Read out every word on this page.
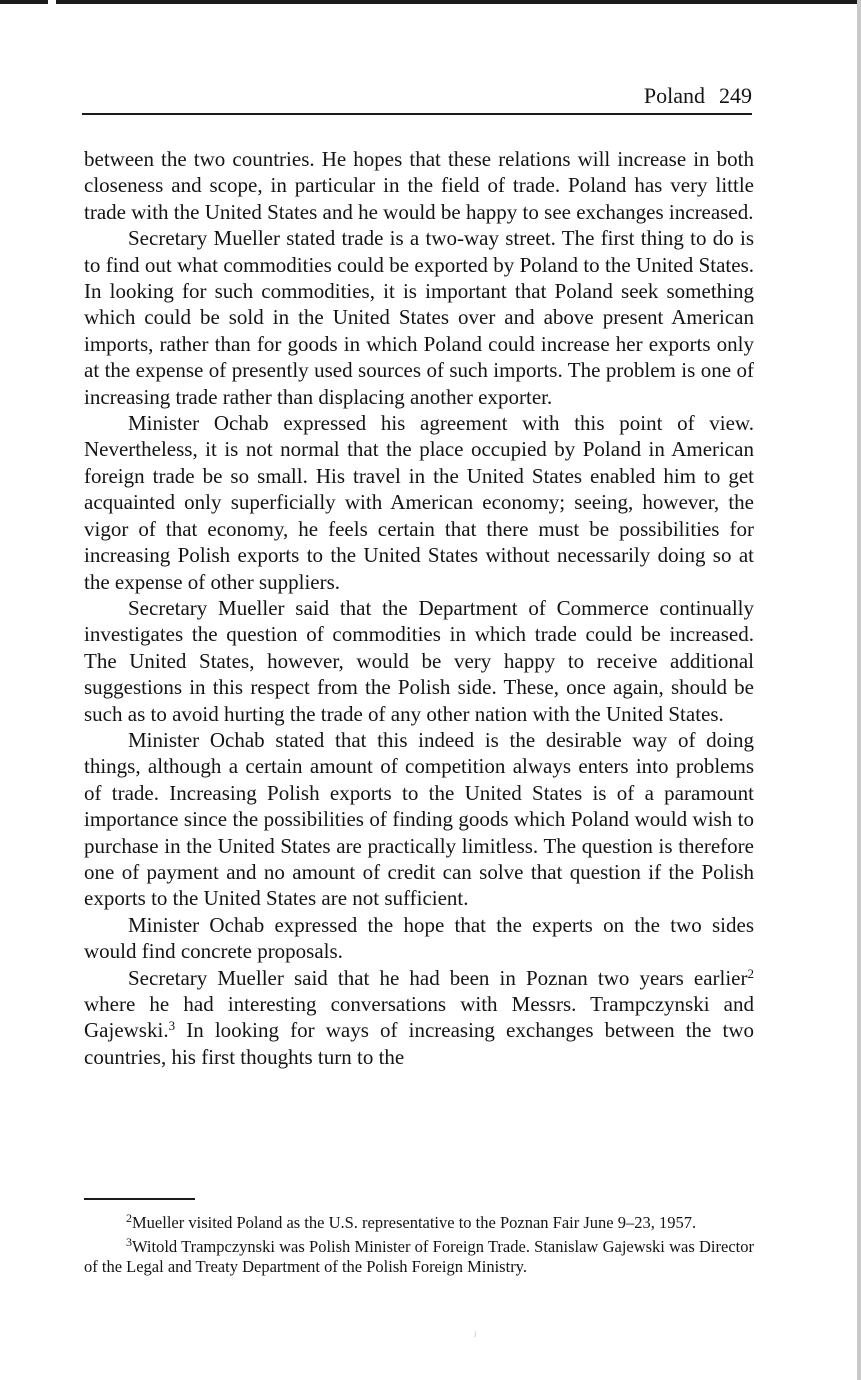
Poland 249

between the two countries. He hopes that these relations will increase in both closeness and scope, in particular in the field of trade. Poland has very little trade with the United States and he would be happy to see exchanges increased.

Secretary Mueller stated trade is a two-way street. The first thing to do is to find out what commodities could be exported by Poland to the United States. In looking for such commodities, it is important that Poland seek something which could be sold in the United States over and above present American imports, rather than for goods in which Poland could increase her exports only at the expense of presently used sources of such imports. The problem is one of increasing trade rather than displacing another exporter.

Minister Ochab expressed his agreement with this point of view. Nevertheless, it is not normal that the place occupied by Poland in American foreign trade be so small. His travel in the United States enabled him to get acquainted only superficially with American economy; seeing, however, the vigor of that economy, he feels certain that there must be possibilities for increasing Polish exports to the United States without necessarily doing so at the expense of other suppliers.

Secretary Mueller said that the Department of Commerce continually investigates the question of commodities in which trade could be increased. The United States, however, would be very happy to receive additional suggestions in this respect from the Polish side. These, once again, should be such as to avoid hurting the trade of any other nation with the United States.

Minister Ochab stated that this indeed is the desirable way of doing things, although a certain amount of competition always enters into problems of trade. Increasing Polish exports to the United States is of a paramount importance since the possibilities of finding goods which Poland would wish to purchase in the United States are practically limitless. The question is therefore one of payment and no amount of credit can solve that question if the Polish exports to the United States are not sufficient.

Minister Ochab expressed the hope that the experts on the two sides would find concrete proposals.

Secretary Mueller said that he had been in Poznan two years earlier$^2$ where he had interesting conversations with Messrs. Trampczynski and Gajewski.$^3$ In looking for ways of increasing exchanges between the two countries, his first thoughts turn to the

$^2$Mueller visited Poland as the U.S. representative to the Poznan Fair June 9–23, 1957.

$^3$Witold Trampczynski was Polish Minister of Foreign Trade. Stanislaw Gajewski was Director of the Legal and Treaty Department of the Polish Foreign Ministry.

ʲ
